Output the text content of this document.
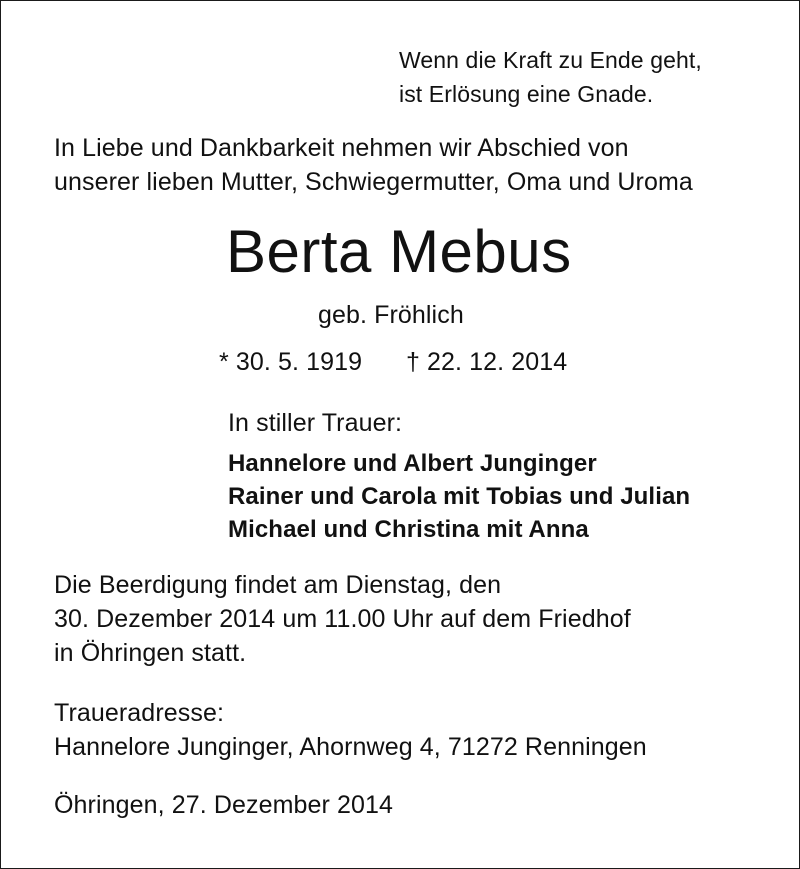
Wenn die Kraft zu Ende geht,
ist Erlösung eine Gnade.
In Liebe und Dankbarkeit nehmen wir Abschied von
unserer lieben Mutter, Schwiegermutter, Oma und Uroma
Berta Mebus
geb. Fröhlich
* 30. 5. 1919 † 22. 12. 2014
In stiller Trauer:
Hannelore und Albert Junginger
Rainer und Carola mit Tobias und Julian
Michael und Christina mit Anna
Die Beerdigung findet am Dienstag, den
30. Dezember 2014 um 11.00 Uhr auf dem Friedhof
in Öhringen statt.
Traueradresse:
Hannelore Junginger, Ahornweg 4, 71272 Renningen
Öhringen, 27. Dezember 2014
